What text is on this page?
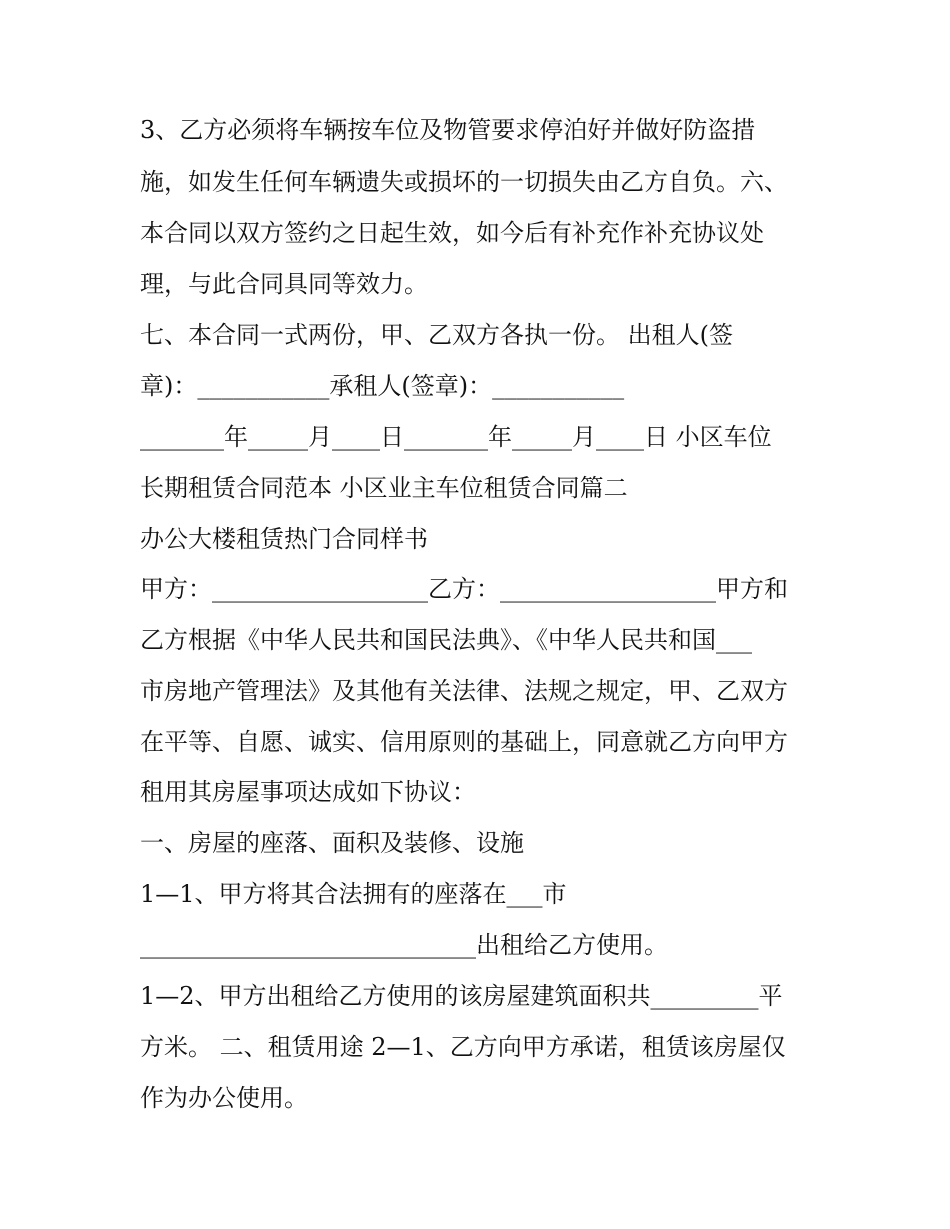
3、乙方必须将车辆按车位及物管要求停泊好并做好防盗措
施，如发生任何车辆遗失或损坏的一切损失由乙方自负。六、
本合同以双方签约之日起生效，如今后有补充作补充协议处
理，与此合同具同等效力。
七、本合同一式两份，甲、乙双方各执一份。 出租人(签
章)：___________承租人(签章)：___________
_______年_____月____日_______年_____月____日 小区车位
长期租赁合同范本 小区业主车位租赁合同篇二
办公大楼租赁热门合同样书
甲方：__________________乙方：__________________甲方和
乙方根据《中华人民共和国民法典》、《中华人民共和国___
市房地产管理法》及其他有关法律、法规之规定，甲、乙双方
在平等、自愿、诚实、信用原则的基础上，同意就乙方向甲方
租用其房屋事项达成如下协议：
一、房屋的座落、面积及装修、设施
1—1、甲方将其合法拥有的座落在___市
____________________________出租给乙方使用。
1—2、甲方出租给乙方使用的该房屋建筑面积共_________平
方米。 二、租赁用途 2—1、乙方向甲方承诺，租赁该房屋仅
作为办公使用。
